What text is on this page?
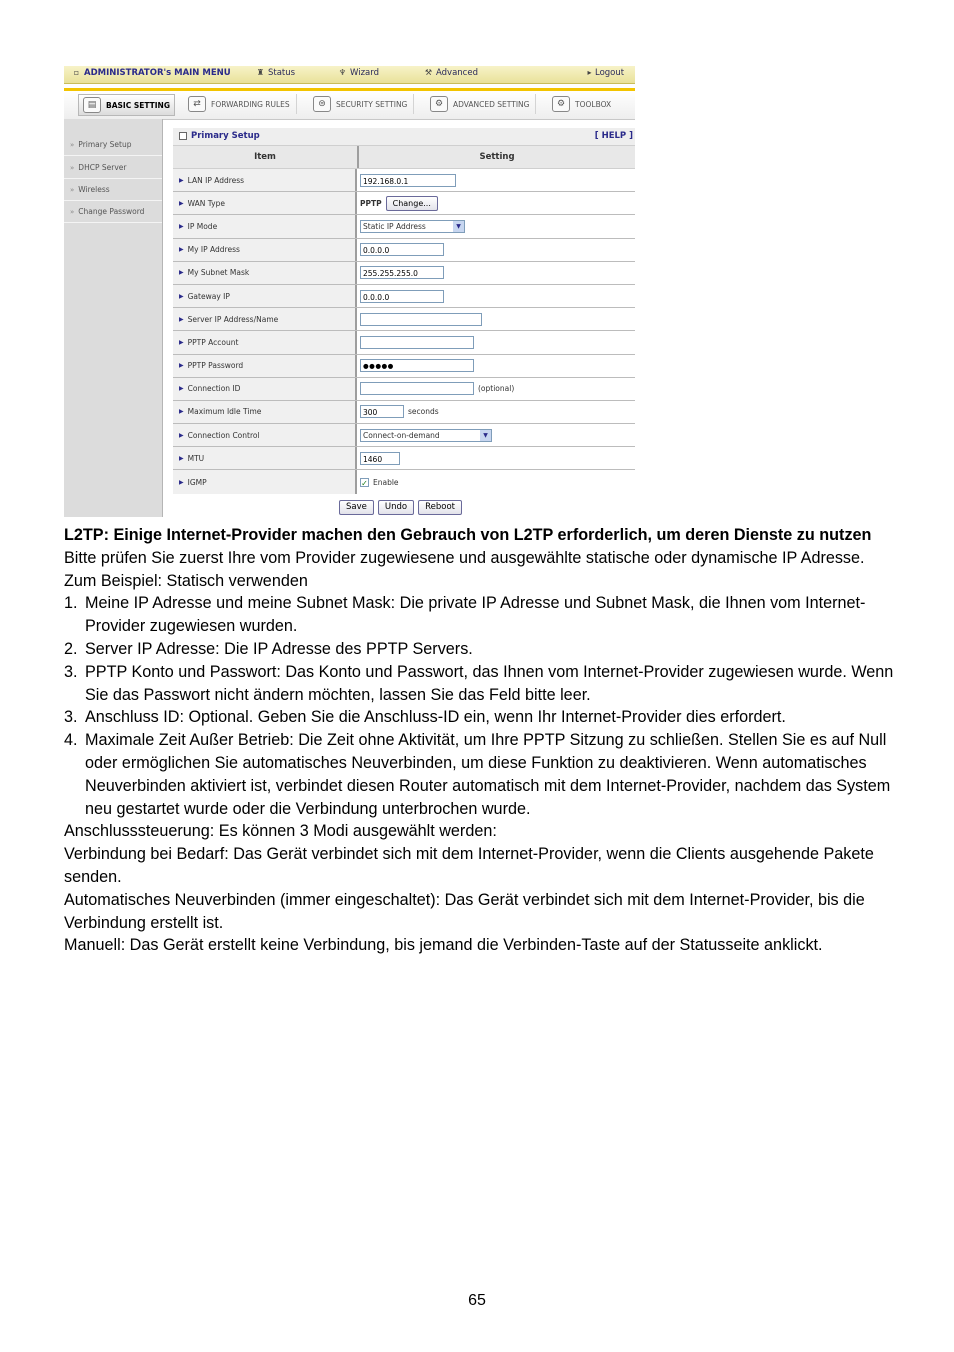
▫ ADMINISTRATOR's MAIN MENU	♜ Status	♆ Wizard	⚒ Advanced	▸ Logout
▤	BASIC SETTING	⇄	FORWARDING RULES	⊜	SECURITY SETTING	⚙	ADVANCED SETTING	⚙	TOOLBOX
» Primary Setup
» DHCP Server
» Wireless
» Change Password
Primary Setup	[ HELP ]
Item	Setting
▶ LAN IP Address	192.168.0.1
▶ WAN Type	PPTP	Change...
▶ IP Mode	Static IP Address	▼
▶ My IP Address	0.0.0.0
▶ My Subnet Mask	255.255.255.0
▶ Gateway IP	0.0.0.0
▶ Server IP Address/Name
▶ PPTP Account
▶ PPTP Password	●●●●●
▶ Connection ID	(optional)
▶ Maximum Idle Time	300	seconds
▶ Connection Control	Connect-on-demand	▼
▶ MTU	1460
▶ IGMP	✓ Enable
Save	Undo	Reboot

L2TP: Einige Internet-Provider machen den Gebrauch von L2TP erforderlich, um deren Dienste zu nutzen

Bitte prüfen Sie zuerst Ihre vom Provider zugewiesene und ausgewählte statische oder dynamische IP Adresse.

Zum Beispiel: Statisch verwenden

1. Meine IP Adresse und meine Subnet Mask: Die private IP Adresse und Subnet Mask, die Ihnen vom Internet-Provider zugewiesen wurden.
2. Server IP Adresse: Die IP Adresse des PPTP Servers.
3. PPTP Konto und Passwort: Das Konto und Passwort, das Ihnen vom Internet-Provider zugewiesen wurde. Wenn Sie das Passwort nicht ändern möchten, lassen Sie das Feld bitte leer.
3. Anschluss ID: Optional. Geben Sie die Anschluss-ID ein, wenn Ihr Internet-Provider dies erfordert.
4. Maximale Zeit Außer Betrieb: Die Zeit ohne Aktivität, um Ihre PPTP Sitzung zu schließen. Stellen Sie es auf Null oder ermöglichen Sie automatisches Neuverbinden, um diese Funktion zu deaktivieren. Wenn automatisches Neuverbinden aktiviert ist, verbindet diesen Router automatisch mit dem Internet-Provider, nachdem das System neu gestartet wurde oder die Verbindung unterbrochen wurde.

Anschlusssteuerung: Es können 3 Modi ausgewählt werden:

Verbindung bei Bedarf: Das Gerät verbindet sich mit dem Internet-Provider, wenn die Clients ausgehende Pakete senden.

Automatisches Neuverbinden (immer eingeschaltet): Das Gerät verbindet sich mit dem Internet-Provider, bis die Verbindung erstellt ist.

Manuell: Das Gerät erstellt keine Verbindung, bis jemand die Verbinden-Taste auf der Statusseite anklickt.

65
